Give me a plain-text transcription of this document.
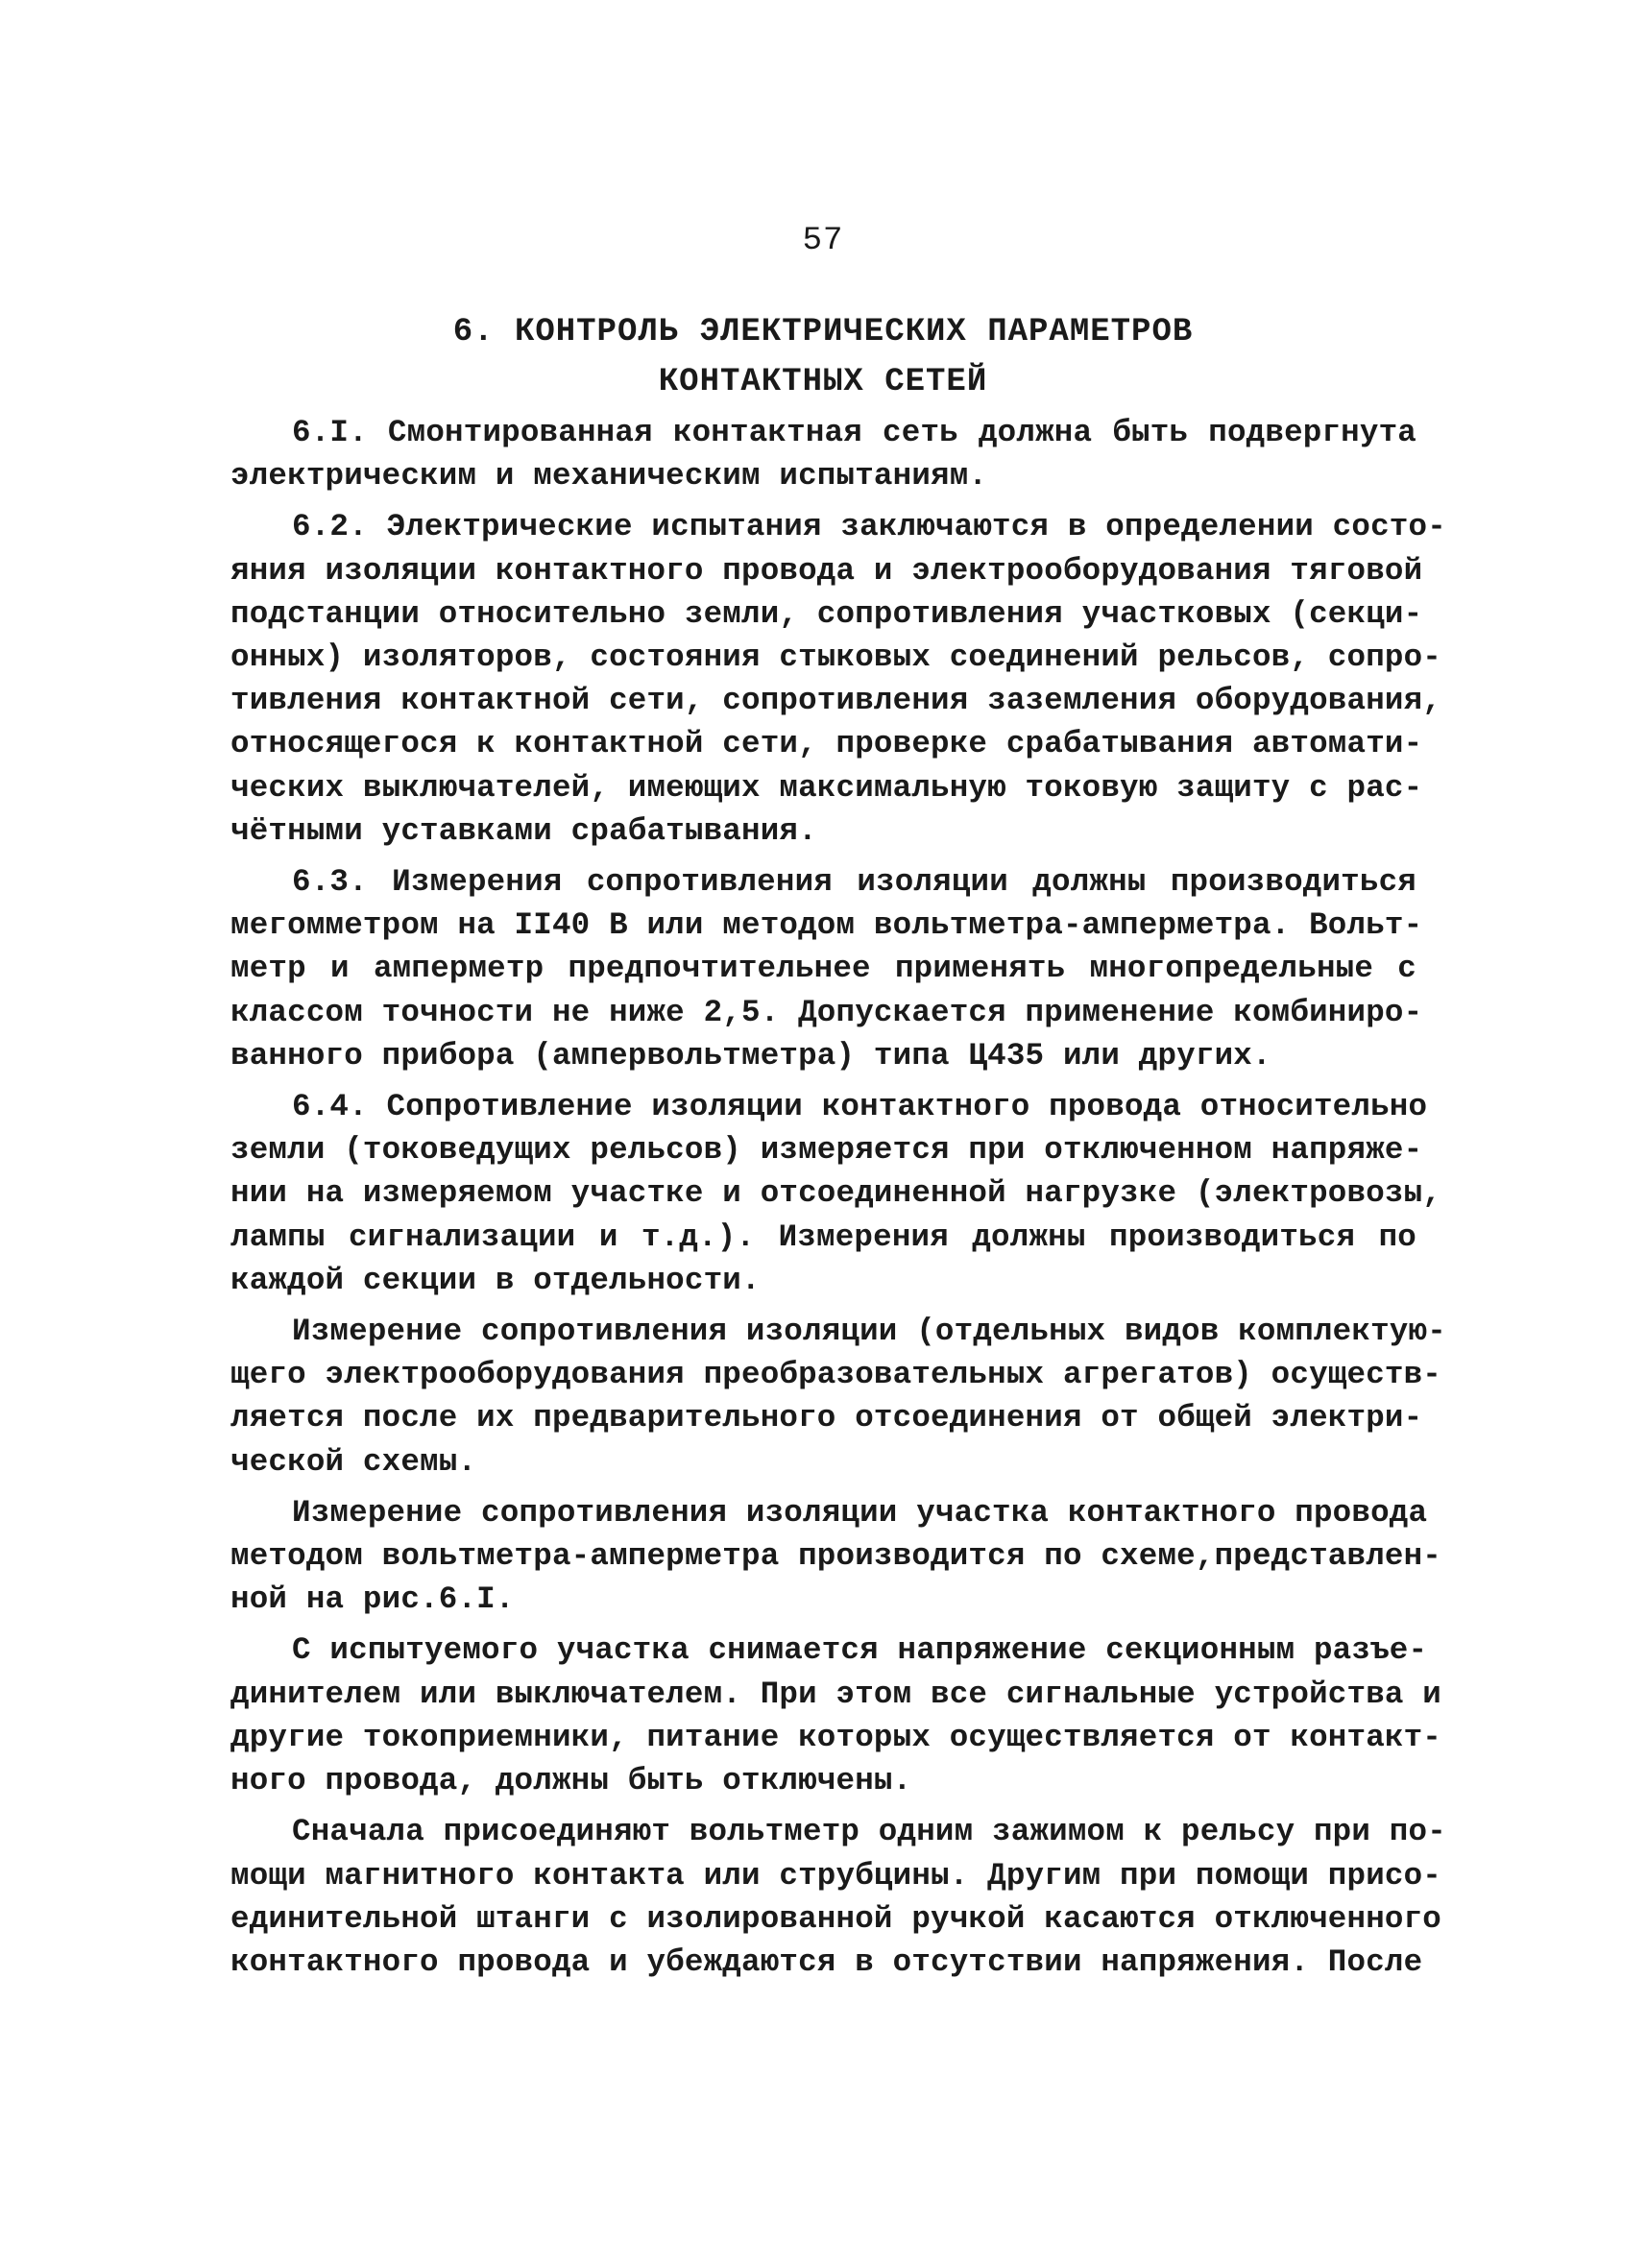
57
6. КОНТРОЛЬ ЭЛЕКТРИЧЕСКИХ ПАРАМЕТРОВ
КОНТАКТНЫХ СЕТЕЙ

6.I. Смонтированная контактная сеть должна быть подвергнута
электрическим и механическим испытаниям.

6.2. Электрические испытания заключаются в определении состо-
яния изоляции контактного провода и электрооборудования тяговой
подстанции относительно земли, сопротивления участковых (секци-
онных) изоляторов, состояния стыковых соединений рельсов, сопро-
тивления контактной сети, сопротивления заземления оборудования,
относящегося к контактной сети, проверке срабатывания автомати-
ческих выключателей, имеющих максимальную токовую защиту с рас-
чётными уставками срабатывания.

6.3. Измерения сопротивления изоляции должны производиться
мегомметром на II40 В или методом вольтметра-амперметра. Вольт-
метр и амперметр предпочтительнее применять многопредельные с
классом точности не ниже 2,5. Допускается применение комбиниро-
ванного прибора (ампервольтметра) типа Ц435 или других.

6.4. Сопротивление изоляции контактного провода относительно
земли (токоведущих рельсов) измеряется при отключенном напряже-
нии на измеряемом участке и отсоединенной нагрузке (электровозы,
лампы сигнализации и т.д.). Измерения должны производиться по
каждой секции в отдельности.

Измерение сопротивления изоляции (отдельных видов комплектую-
щего электрооборудования преобразовательных агрегатов) осуществ-
ляется после их предварительного отсоединения от общей электри-
ческой схемы.

Измерение сопротивления изоляции участка контактного провода
методом вольтметра-амперметра производится по схеме,представлен-
ной на рис.6.I.

С испытуемого участка снимается напряжение секционным разъе-
динителем или выключателем. При этом все сигнальные устройства и
другие токоприемники, питание которых осуществляется от контакт-
ного провода, должны быть отключены.

Сначала присоединяют вольтметр одним зажимом к рельсу при по-
мощи магнитного контакта или струбцины. Другим при помощи присо-
единительной штанги с изолированной ручкой касаются отключенного
контактного провода и убеждаются в отсутствии напряжения. После
